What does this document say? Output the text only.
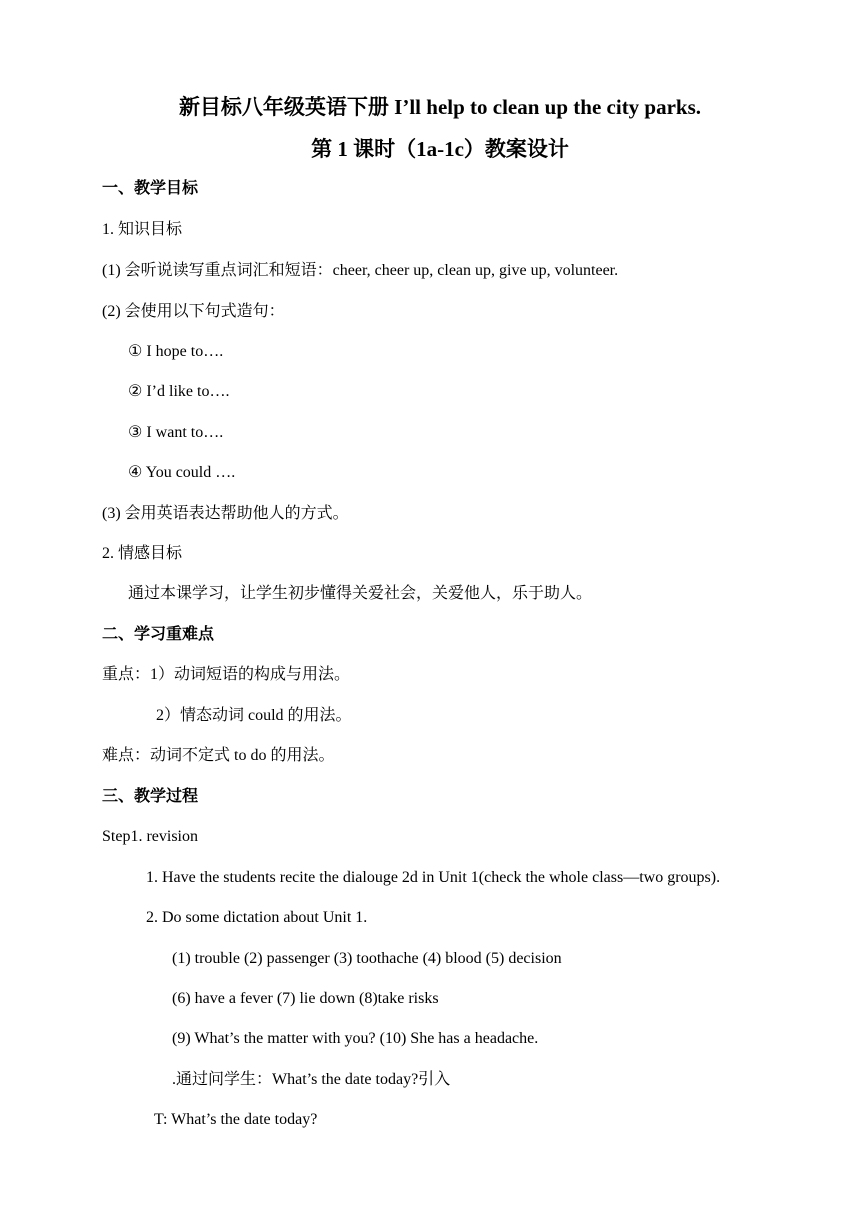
新目标八年级英语下册 I’ll help to clean up the city parks.
第 1 课时（1a-1c）教案设计
一、教学目标
1. 知识目标
(1) 会听说读写重点词汇和短语：cheer, cheer up, clean up, give up, volunteer.
(2) 会使用以下句式造句：
① I hope to….
② I’d like to….
③ I want to….
④ You could ….
(3) 会用英语表达帮助他人的方式。
2. 情感目标
通过本课学习，让学生初步懂得关爱社会，关爱他人，乐于助人。
二、学习重难点
重点：1）动词短语的构成与用法。
2）情态动词 could 的用法。
难点：动词不定式 to do 的用法。
三、教学过程
Step1. revision
1. Have the students recite the dialouge 2d in Unit 1(check the whole class—two groups).
2. Do some dictation about Unit 1.
(1) trouble (2) passenger (3) toothache (4) blood (5) decision
(6) have a fever (7) lie down (8)take risks
(9) What’s the matter with you? (10) She has a headache.
.通过问学生：What’s the date today?引入
T: What’s the date today?
